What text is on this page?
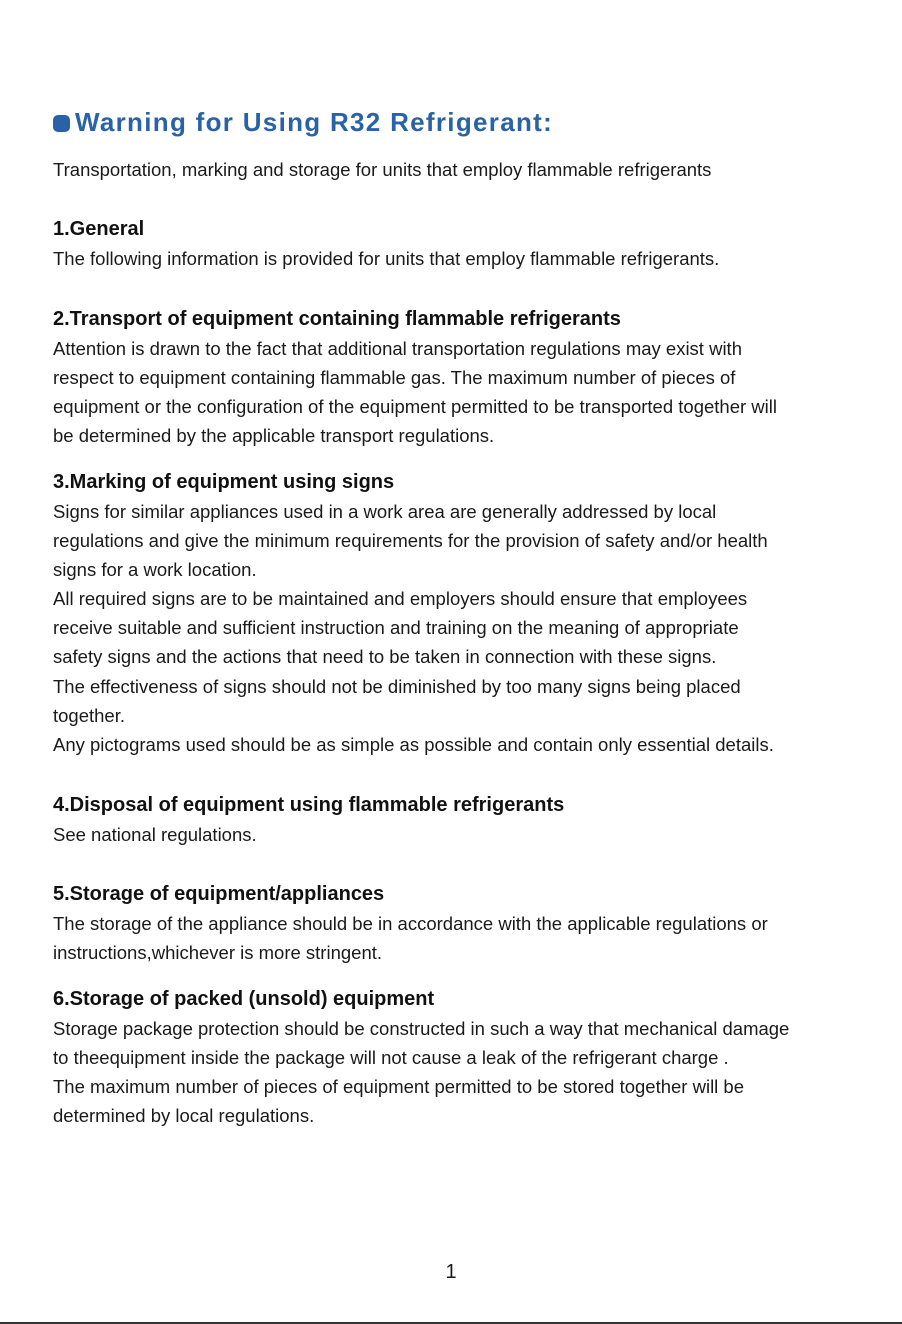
Warning for Using R32 Refrigerant:
Transportation, marking and storage for units that employ flammable refrigerants
1.General
The following information is provided for units that employ flammable refrigerants.
2.Transport of equipment containing flammable refrigerants
Attention is drawn to the fact that additional transportation regulations may exist with
respect to equipment containing flammable gas. The maximum number of pieces of
equipment or the configuration of the equipment permitted to be transported together will
be determined by the applicable transport regulations.
3.Marking of equipment using signs
Signs for similar appliances used in a work area are generally addressed by local
regulations and give the minimum requirements for the provision of safety and/or health
signs for a work location.
All required signs are to be maintained and employers should ensure that employees
receive suitable and sufficient instruction and training on the meaning of appropriate
safety signs and the actions that need to be taken in connection with these signs.
The effectiveness of signs should not be diminished by too many signs being placed
together.
Any pictograms used should be as simple as possible and contain only essential details.
4.Disposal of equipment using flammable refrigerants
See national regulations.
5.Storage of equipment/appliances
The storage of the appliance should be in accordance with the applicable regulations or
instructions,whichever is more stringent.
6.Storage of packed (unsold) equipment
Storage package protection should be constructed in such a way that mechanical damage
to theequipment inside the package will not cause a leak of the refrigerant charge .
The maximum number of pieces of equipment permitted to be stored together will be
determined by local regulations.
1
